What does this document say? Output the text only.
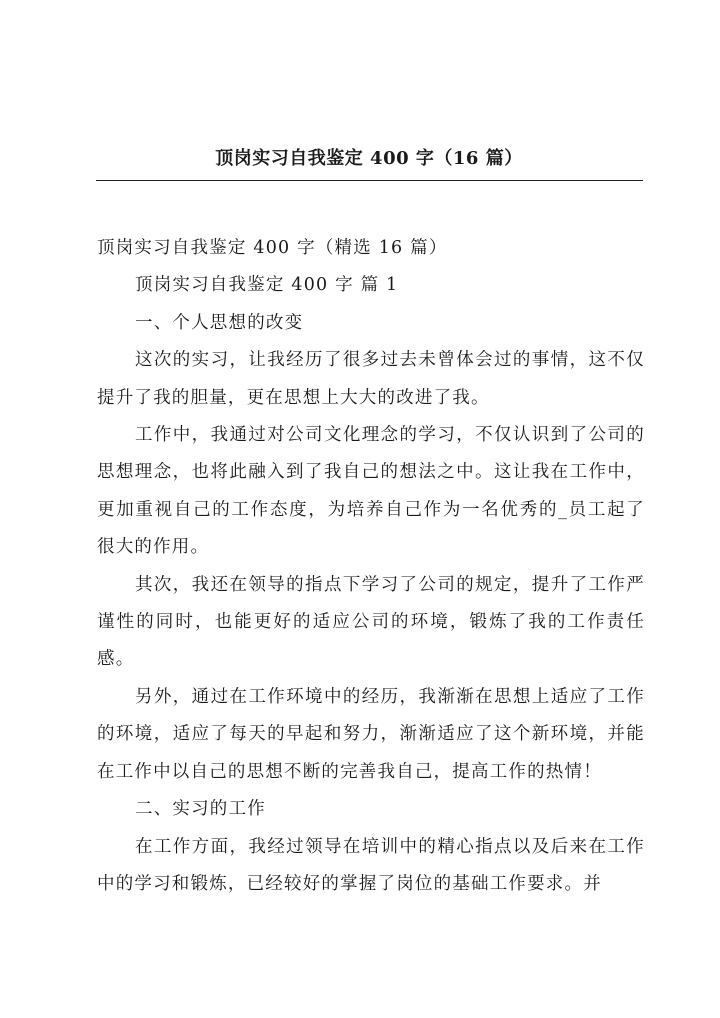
顶岗实习自我鉴定 400 字（16 篇）

顶岗实习自我鉴定 400 字（精选 16 篇）

顶岗实习自我鉴定 400 字 篇 1

一、个人思想的改变

这次的实习，让我经历了很多过去未曾体会过的事情，这不仅提升了我的胆量，更在思想上大大的改进了我。

工作中，我通过对公司文化理念的学习，不仅认识到了公司的思想理念，也将此融入到了我自己的想法之中。这让我在工作中，更加重视自己的工作态度，为培养自己作为一名优秀的_员工起了很大的作用。

其次，我还在领导的指点下学习了公司的规定，提升了工作严谨性的同时，也能更好的适应公司的环境，锻炼了我的工作责任感。

另外，通过在工作环境中的经历，我渐渐在思想上适应了工作的环境，适应了每天的早起和努力，渐渐适应了这个新环境，并能在工作中以自己的思想不断的完善我自己，提高工作的热情！

二、实习的工作

在工作方面，我经过领导在培训中的精心指点以及后来在工作中的学习和锻炼，已经较好的掌握了岗位的基础工作要求。并
